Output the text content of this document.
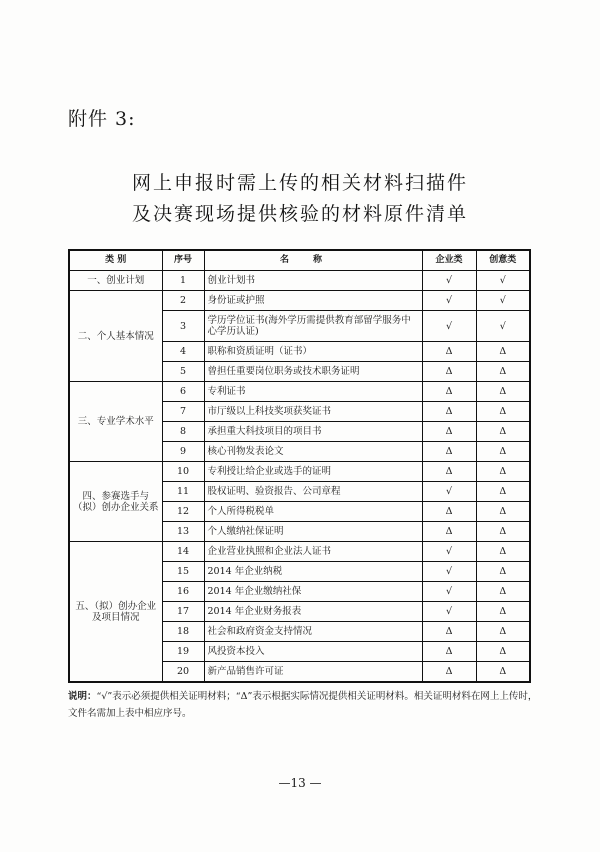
附件 3:
网上申报时需上传的相关材料扫描件
及决赛现场提供核验的材料原件清单
类 别	序号	名称	企业类	创意类
一、创业计划	1	创业计划书	√	√
二、个人基本情况	2	身份证或护照	√	√
	3	学历学位证书(海外学历需提供教育部留学服务中心学历认证)	√	√
	4	职称和资质证明（证书）	Δ	Δ
	5	曾担任重要岗位职务或技术职务证明	Δ	Δ
三、专业学术水平	6	专利证书	Δ	Δ
	7	市厅级以上科技奖项获奖证书	Δ	Δ
	8	承担重大科技项目的项目书	Δ	Δ
	9	核心刊物发表论文	Δ	Δ
四、参赛选手与（拟）创办企业关系	10	专利授让给企业或选手的证明	Δ	Δ
	11	股权证明、验资报告、公司章程	√	Δ
	12	个人所得税税单	Δ	Δ
	13	个人缴纳社保证明	Δ	Δ
五、（拟）创办企业及项目情况	14	企业营业执照和企业法人证书	√	Δ
	15	2014 年企业纳税	√	Δ
	16	2014 年企业缴纳社保	√	Δ
	17	2014 年企业财务报表	√	Δ
	18	社会和政府资金支持情况	Δ	Δ
	19	风投资本投入	Δ	Δ
	20	新产品销售许可证	Δ	Δ
说明：“√”表示必须提供相关证明材料；“Δ”表示根据实际情况提供相关证明材料。相关证明材料在网上上传时，文件名需加上表中相应序号。
—13 —
